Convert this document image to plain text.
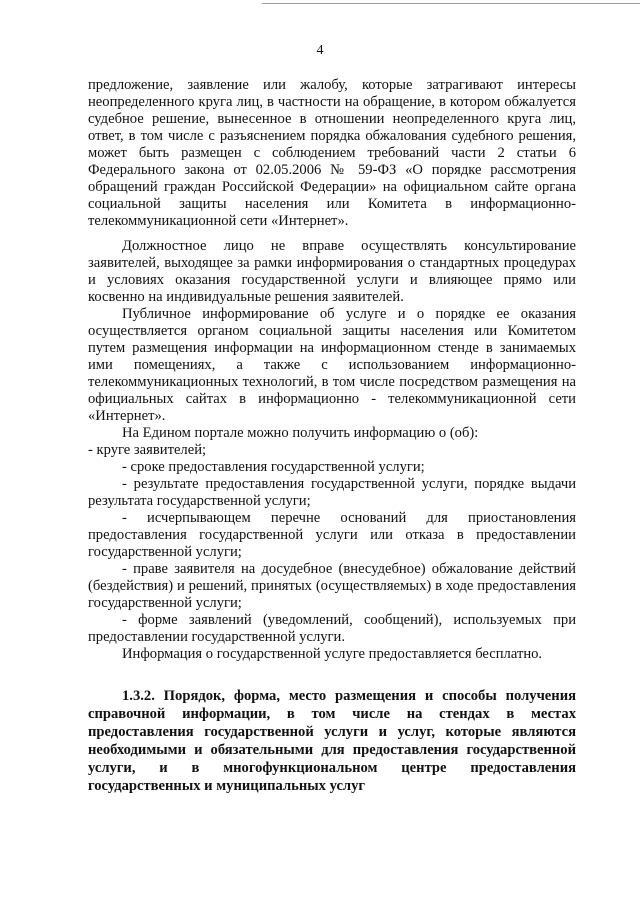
4

предложение, заявление или жалобу, которые затрагивают интересы неопределенного круга лиц, в частности на обращение, в котором обжалуется судебное решение, вынесенное в отношении неопределенного круга лиц, ответ, в том числе с разъяснением порядка обжалования судебного решения, может быть размещен с соблюдением требований части 2 статьи 6 Федерального закона от 02.05.2006 № 59-ФЗ «О порядке рассмотрения обращений граждан Российской Федерации» на официальном сайте органа социальной защиты населения или Комитета в информационно-телекоммуникационной сети «Интернет».

Должностное лицо не вправе осуществлять консультирование заявителей, выходящее за рамки информирования о стандартных процедурах и условиях оказания государственной услуги и влияющее прямо или косвенно на индивидуальные решения заявителей.

Публичное информирование об услуге и о порядке ее оказания осуществляется органом социальной защиты населения или Комитетом путем размещения информации на информационном стенде в занимаемых ими помещениях, а также с использованием информационно-телекоммуникационных технологий, в том числе посредством размещения на официальных сайтах в информационно - телекоммуникационной сети «Интернет».

На Едином портале можно получить информацию о (об):

- круге заявителей;

- сроке предоставления государственной услуги;

- результате предоставления государственной услуги, порядке выдачи результата государственной услуги;

- исчерпывающем перечне оснований для приостановления предоставления государственной услуги или отказа в предоставлении государственной услуги;

- праве заявителя на досудебное (внесудебное) обжалование действий (бездействия) и решений, принятых (осуществляемых) в ходе предоставления государственной услуги;

- форме заявлений (уведомлений, сообщений), используемых при предоставлении государственной услуги.

Информация о государственной услуге предоставляется бесплатно.

1.3.2. Порядок, форма, место размещения и способы получения справочной информации, в том числе на стендах в местах предоставления государственной услуги и услуг, которые являются необходимыми и обязательными для предоставления государственной услуги, и в многофункциональном центре предоставления государственных и муниципальных услуг
